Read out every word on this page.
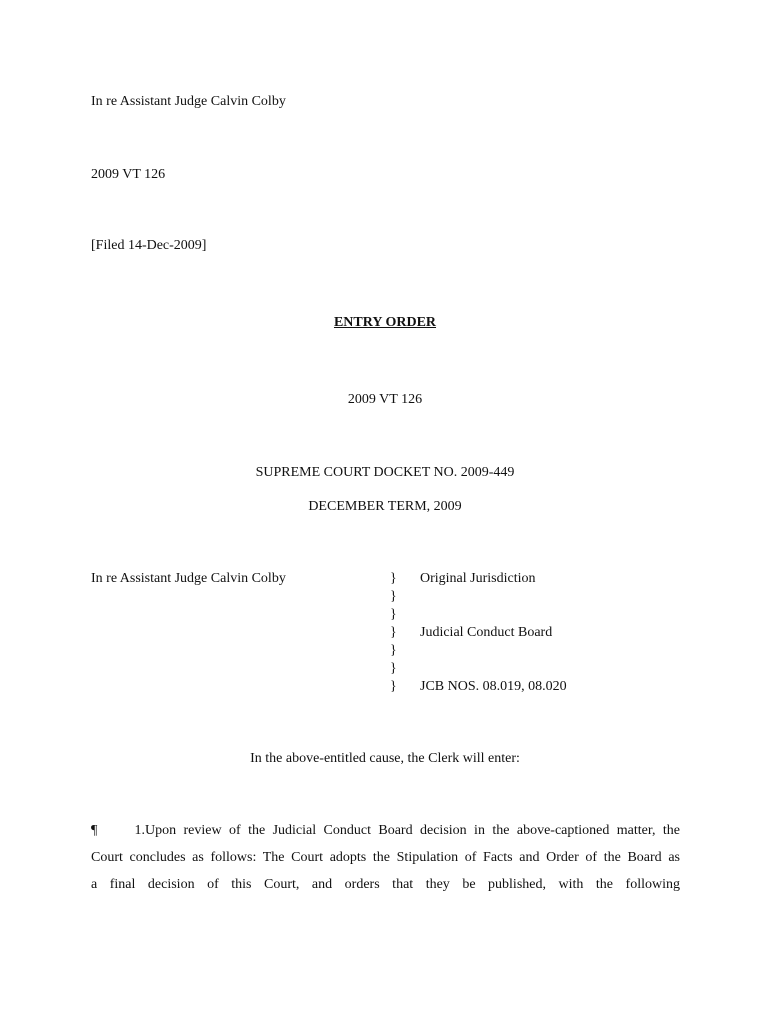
In re Assistant Judge Calvin Colby
2009 VT 126
[Filed 14-Dec-2009]
ENTRY ORDER
2009 VT 126
SUPREME COURT DOCKET NO. 2009-449
DECEMBER TERM, 2009
In re Assistant Judge Calvin Colby	}
}
}
}
}
}
}
Original Jurisdiction
Judicial Conduct Board
JCB NOS. 08.019, 08.020
In the above-entitled cause, the Clerk will enter:
¶ 1.Upon review of the Judicial Conduct Board decision in the above-captioned matter, the
Court concludes as follows: The Court adopts the Stipulation of Facts and Order of the Board as
a final decision of this Court, and orders that they be published, with the following
